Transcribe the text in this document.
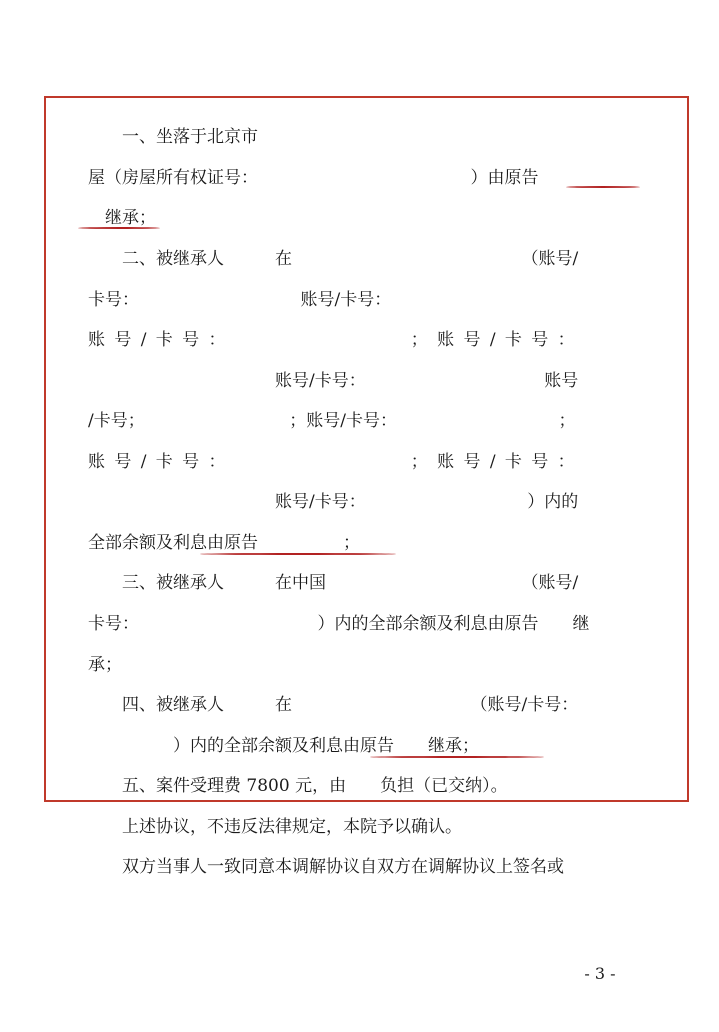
　　一、坐落于北京市
屋（房屋所有权证号：　　　　　　　　　　　　　）由原告
　继承；
　　二、被继承人　　　在　　　　　　　　　　　　　　（账号/
卡号：　　　　　　　　　　账号/卡号：
账号/卡号：　　　　　　　；账号/卡号：
　　　　　　　　　　　账号/卡号：　　　　　　　　　　　账号
/卡号；　　　　　　　　　；账号/卡号：　　　　　　　　　　；
账号/卡号：　　　　　　　；账号/卡号：
　　　　　　　　　　　账号/卡号：　　　　　　　　　　）内的
全部余额及利息由原告　　　　　；
　　三、被继承人　　　在中国　　　　　　　　　　　　（账号/
卡号：　　　　　　　　　　　）内的全部余额及利息由原告　　继
承；
　　四、被继承人　　　在　　　　　　　　　　　（账号/卡号：
　　　　　）内的全部余额及利息由原告　　继承；
　　五、案件受理费 7800 元，由　　负担（已交纳）。
　　上述协议，不违反法律规定，本院予以确认。
　　双方当事人一致同意本调解协议自双方在调解协议上签名或
- 3 -
